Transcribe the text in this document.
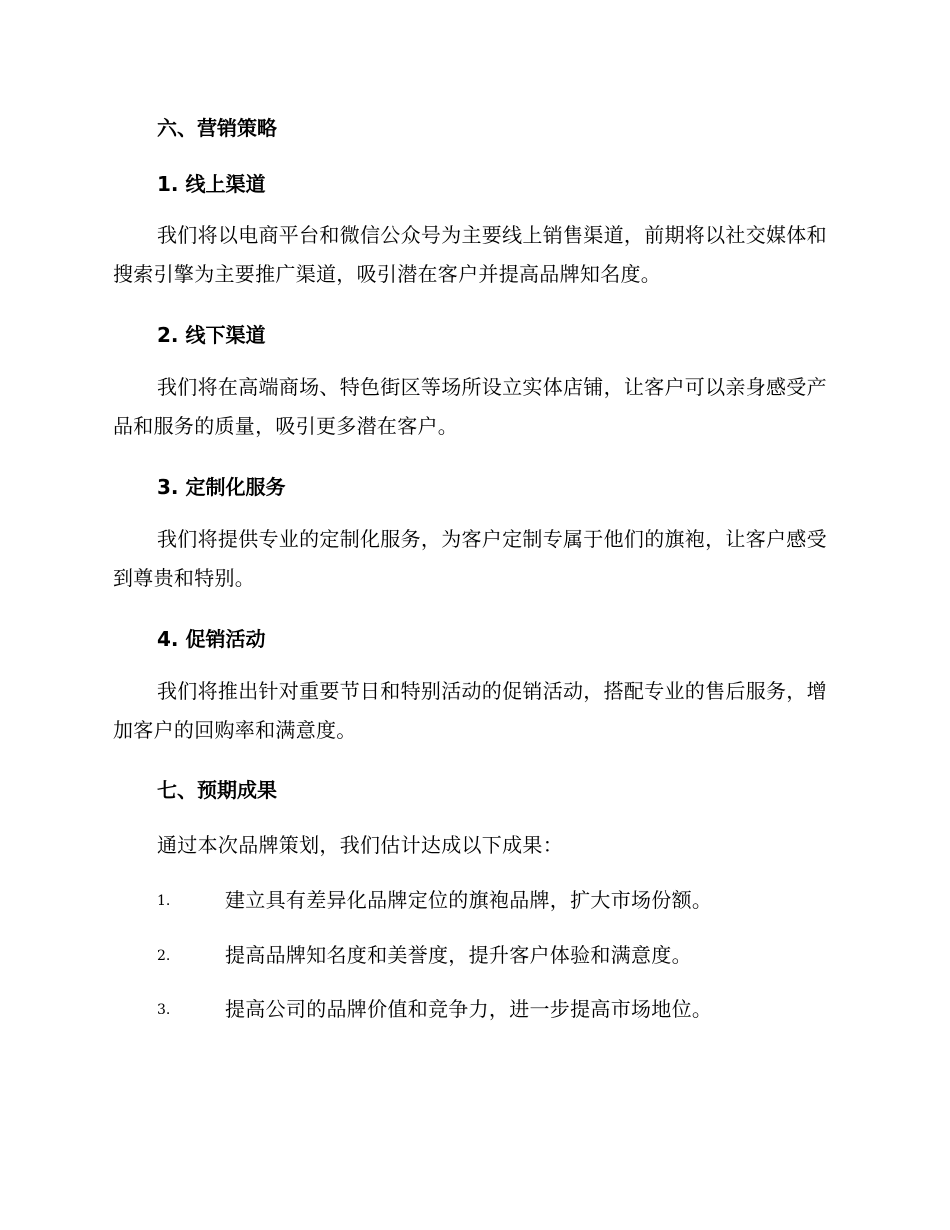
六、营销策略
1. 线上渠道

我们将以电商平台和微信公众号为主要线上销售渠道，前期将以社交媒体和搜索引擎为主要推广渠道，吸引潜在客户并提高品牌知名度。

2. 线下渠道

我们将在高端商场、特色街区等场所设立实体店铺，让客户可以亲身感受产品和服务的质量，吸引更多潜在客户。

3. 定制化服务

我们将提供专业的定制化服务，为客户定制专属于他们的旗袍，让客户感受到尊贵和特别。

4. 促销活动

我们将推出针对重要节日和特别活动的促销活动，搭配专业的售后服务，增加客户的回购率和满意度。

七、预期成果
通过本次品牌策划，我们估计达成以下成果：
1.	建立具有差异化品牌定位的旗袍品牌，扩大市场份额。
2.	提高品牌知名度和美誉度，提升客户体验和满意度。
3.	提高公司的品牌价值和竞争力，进一步提高市场地位。
